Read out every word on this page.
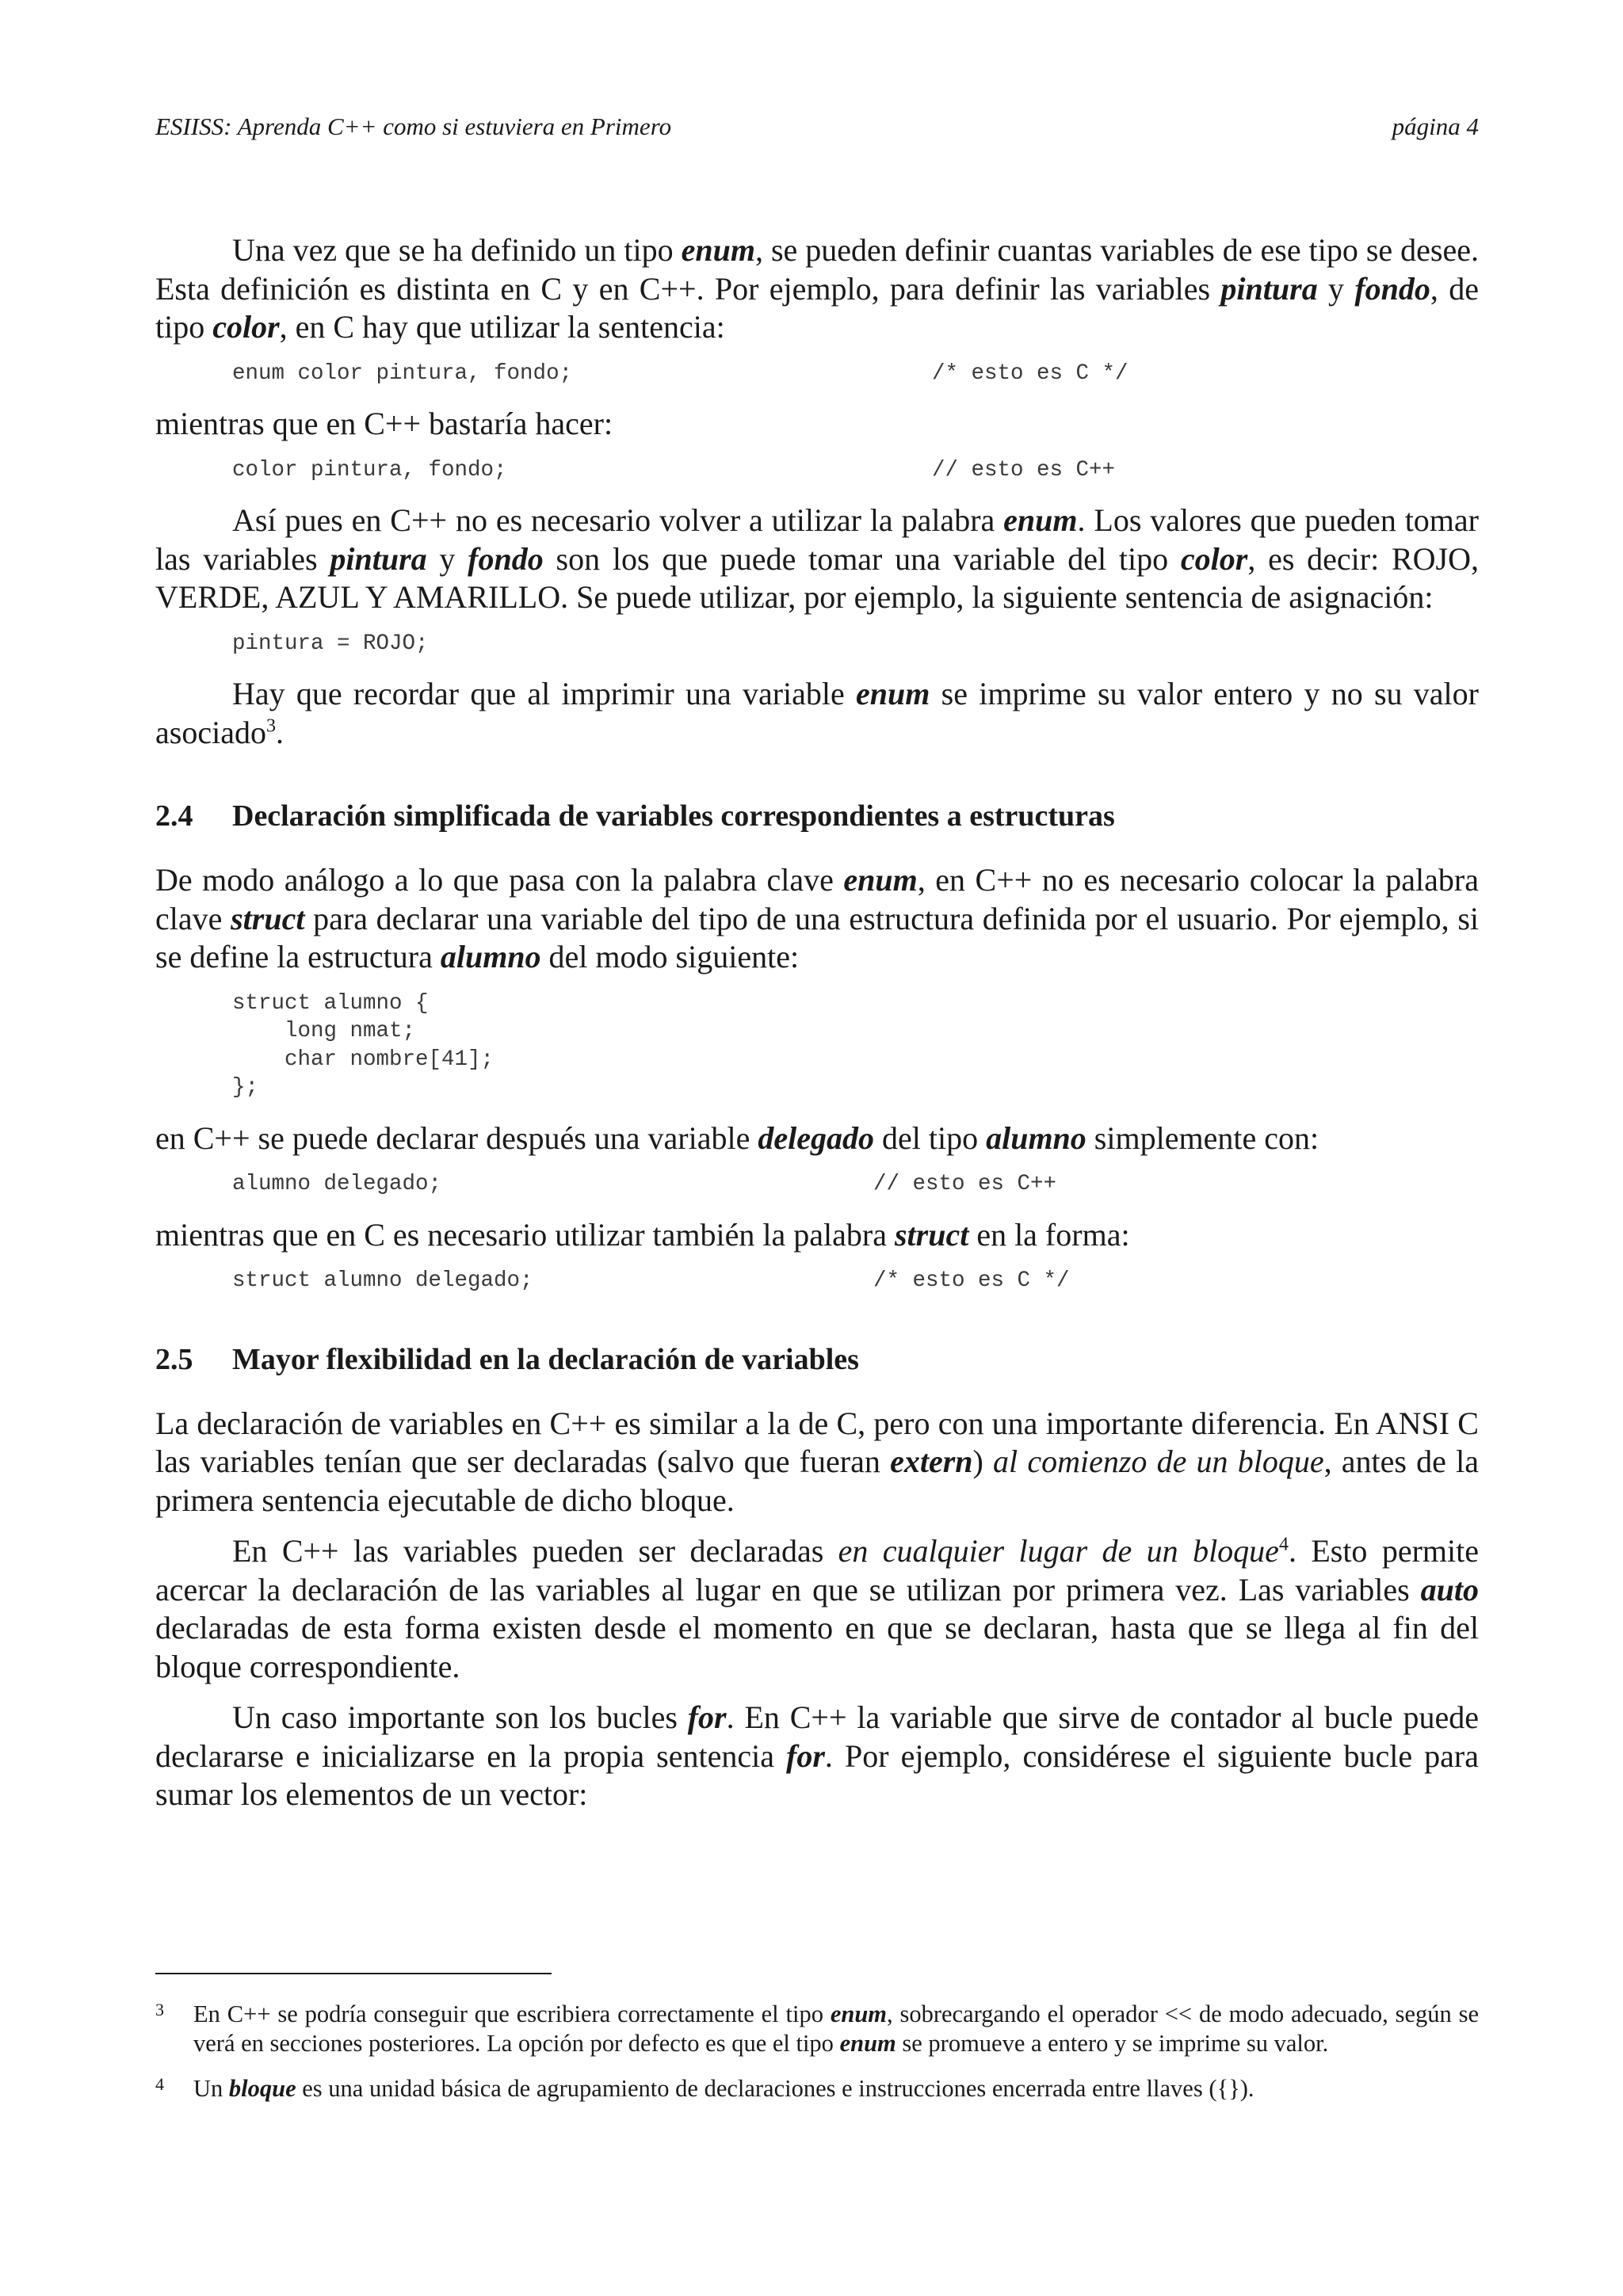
ESIISS: Aprenda C++ como si estuviera en Primero	página 4

Una vez que se ha definido un tipo enum, se pueden definir cuantas variables de ese tipo se desee. Esta definición es distinta en C y en C++. Por ejemplo, para definir las variables pintura y fondo, de tipo color, en C hay que utilizar la sentencia:

enum color pintura, fondo;	/* esto es C */

mientras que en C++ bastaría hacer:

color pintura, fondo;	// esto es C++

Así pues en C++ no es necesario volver a utilizar la palabra enum. Los valores que pueden tomar las variables pintura y fondo son los que puede tomar una variable del tipo color, es decir: ROJO, VERDE, AZUL Y AMARILLO. Se puede utilizar, por ejemplo, la siguiente sentencia de asignación:

pintura = ROJO;

Hay que recordar que al imprimir una variable enum se imprime su valor entero y no su valor asociado$^3$.

2.4 Declaración simplificada de variables correspondientes a estructuras

De modo análogo a lo que pasa con la palabra clave enum, en C++ no es necesario colocar la palabra clave struct para declarar una variable del tipo de una estructura definida por el usuario. Por ejemplo, si se define la estructura alumno del modo siguiente:

struct alumno {
long nmat;
char nombre[41];
};

en C++ se puede declarar después una variable delegado del tipo alumno simplemente con:

alumno delegado;	// esto es C++

mientras que en C es necesario utilizar también la palabra struct en la forma:

struct alumno delegado;	/* esto es C */
2.5 Mayor flexibilidad en la declaración de variables

La declaración de variables en C++ es similar a la de C, pero con una importante diferencia. En ANSI C las variables tenían que ser declaradas (salvo que fueran extern) al comienzo de un bloque, antes de la primera sentencia ejecutable de dicho bloque.

En C++ las variables pueden ser declaradas en cualquier lugar de un bloque$^4$. Esto permite acercar la declaración de las variables al lugar en que se utilizan por primera vez. Las variables auto declaradas de esta forma existen desde el momento en que se declaran, hasta que se llega al fin del bloque correspondiente.

Un caso importante son los bucles for. En C++ la variable que sirve de contador al bucle puede declararse e inicializarse en la propia sentencia for. Por ejemplo, considérese el siguiente bucle para sumar los elementos de un vector:

3 En C++ se podría conseguir que escribiera correctamente el tipo enum, sobrecargando el operador << de modo adecuado, según se verá en secciones posteriores. La opción por defecto es que el tipo enum se promueve a entero y se imprime su valor.
4 Un bloque es una unidad básica de agrupamiento de declaraciones e instrucciones encerrada entre llaves ({}).
